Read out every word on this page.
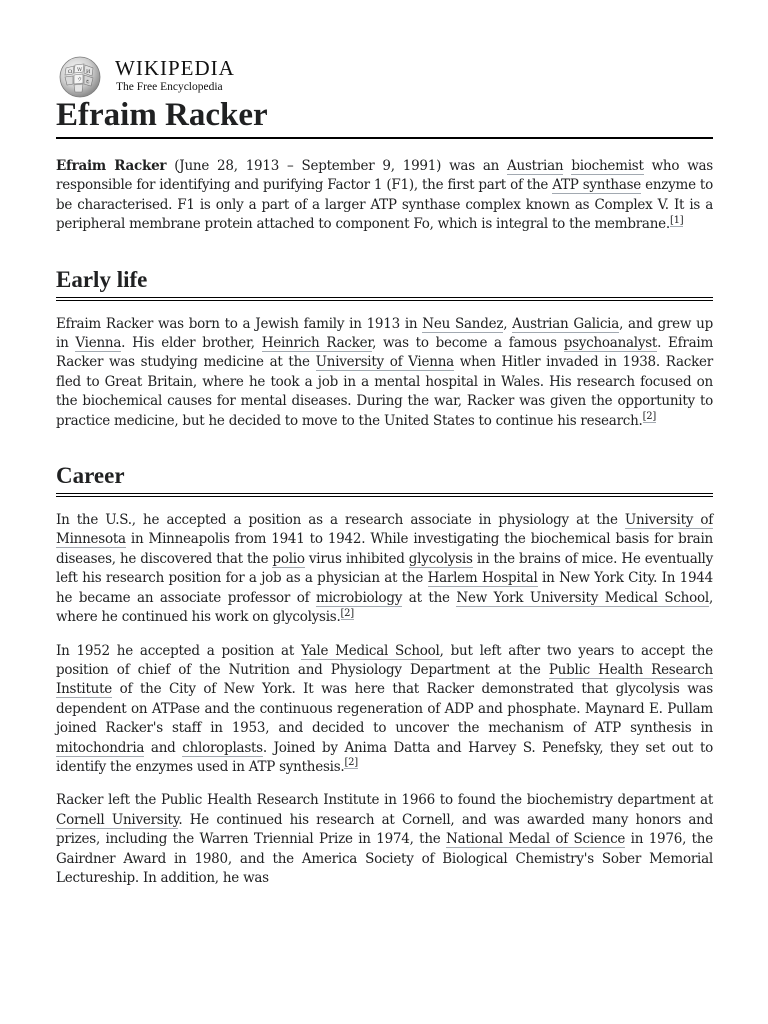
Ω W И
ウ ج
WIKIPEDIA
The Free Encyclopedia
Efraim Racker

Efraim Racker (June 28, 1913 – September 9, 1991) was an Austrian biochemist who was responsible for identifying and purifying Factor 1 (F1), the first part of the ATP synthase enzyme to be characterised. F1 is only a part of a larger ATP synthase complex known as Complex V. It is a peripheral membrane protein attached to component Fo, which is integral to the membrane.[1]

Early life

Efraim Racker was born to a Jewish family in 1913 in Neu Sandez, Austrian Galicia, and grew up in Vienna. His elder brother, Heinrich Racker, was to become a famous psychoanalyst. Efraim Racker was studying medicine at the University of Vienna when Hitler invaded in 1938. Racker fled to Great Britain, where he took a job in a mental hospital in Wales. His research focused on the biochemical causes for mental diseases. During the war, Racker was given the opportunity to practice medicine, but he decided to move to the United States to continue his research.[2]

Career

In the U.S., he accepted a position as a research associate in physiology at the University of Minnesota in Minneapolis from 1941 to 1942. While investigating the biochemical basis for brain diseases, he discovered that the polio virus inhibited glycolysis in the brains of mice. He eventually left his research position for a job as a physician at the Harlem Hospital in New York City. In 1944 he became an associate professor of microbiology at the New York University Medical School, where he continued his work on glycolysis.[2]

In 1952 he accepted a position at Yale Medical School, but left after two years to accept the position of chief of the Nutrition and Physiology Department at the Public Health Research Institute of the City of New York. It was here that Racker demonstrated that glycolysis was dependent on ATPase and the continuous regeneration of ADP and phosphate. Maynard E. Pullam joined Racker's staff in 1953, and decided to uncover the mechanism of ATP synthesis in mitochondria and chloroplasts. Joined by Anima Datta and Harvey S. Penefsky, they set out to identify the enzymes used in ATP synthesis.[2]

Racker left the Public Health Research Institute in 1966 to found the biochemistry department at Cornell University. He continued his research at Cornell, and was awarded many honors and prizes, including the Warren Triennial Prize in 1974, the National Medal of Science in 1976, the Gairdner Award in 1980, and the America Society of Biological Chemistry's Sober Memorial Lectureship. In addition, he was
